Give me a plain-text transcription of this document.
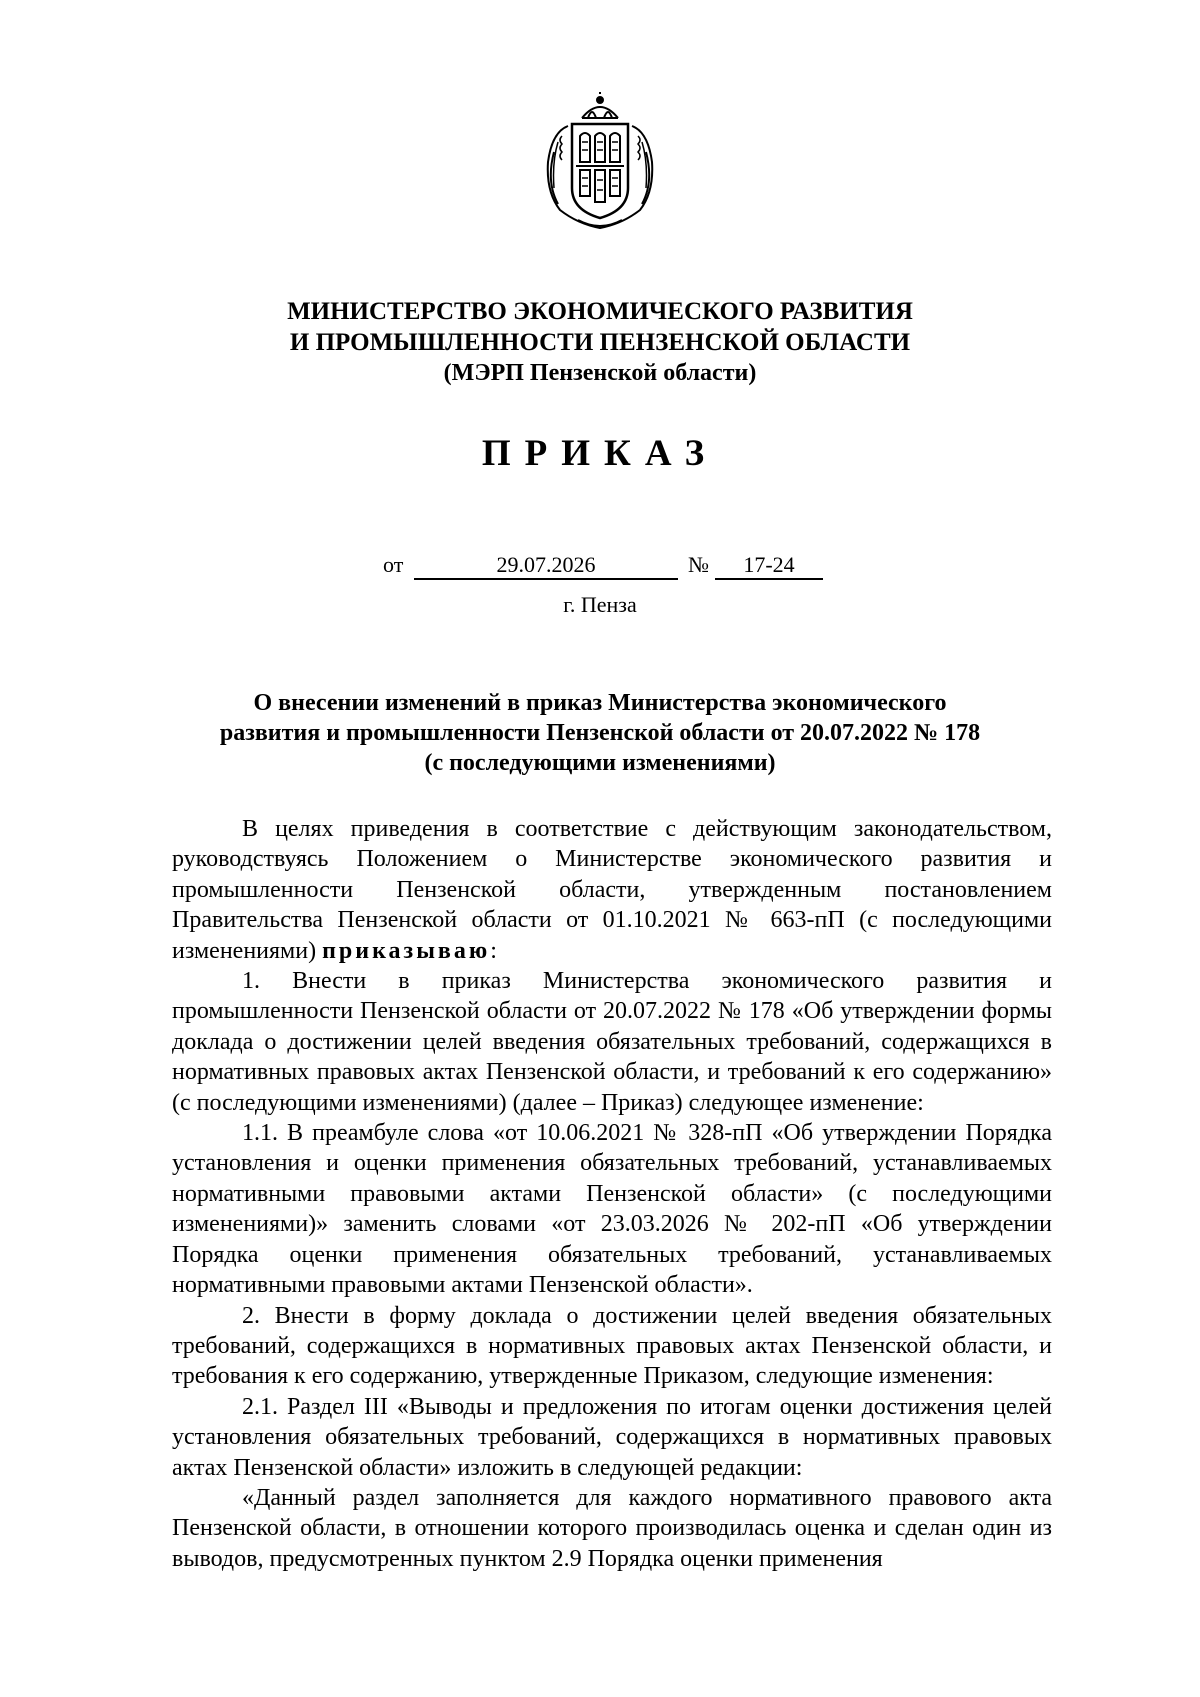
МИНИСТЕРСТВО ЭКОНОМИЧЕСКОГО РАЗВИТИЯ
И ПРОМЫШЛЕННОСТИ ПЕНЗЕНСКОЙ ОБЛАСТИ
(МЭРП Пензенской области)
ПРИКАЗ
от	29.07.2026	№	17-24
г. Пенза
О внесении изменений в приказ Министерства экономического
развития и промышленности Пензенской области от 20.07.2022 № 178
(с последующими изменениями)

В целях приведения в соответствие с действующим законодательством, руководствуясь Положением о Министерстве экономического развития и промышленности Пензенской области, утвержденным постановлением Правительства Пензенской области от 01.10.2021 № 663-пП (с последующими изменениями) приказываю:

1. Внести в приказ Министерства экономического развития и промышленности Пензенской области от 20.07.2022 № 178 «Об утверждении формы доклада о достижении целей введения обязательных требований, содержащихся в нормативных правовых актах Пензенской области, и требований к его содержанию» (с последующими изменениями) (далее – Приказ) следующее изменение:

1.1. В преамбуле слова «от 10.06.2021 № 328-пП «Об утверждении Порядка установления и оценки применения обязательных требований, устанавливаемых нормативными правовыми актами Пензенской области» (с последующими изменениями)» заменить словами «от 23.03.2026 № 202-пП «Об утверждении Порядка оценки применения обязательных требований, устанавливаемых нормативными правовыми актами Пензенской области».

2. Внести в форму доклада о достижении целей введения обязательных требований, содержащихся в нормативных правовых актах Пензенской области, и требования к его содержанию, утвержденные Приказом, следующие изменения:

2.1. Раздел III «Выводы и предложения по итогам оценки достижения целей установления обязательных требований, содержащихся в нормативных правовых актах Пензенской области» изложить в следующей редакции:

«Данный раздел заполняется для каждого нормативного правового акта Пензенской области, в отношении которого производилась оценка и сделан один из выводов, предусмотренных пунктом 2.9 Порядка оценки применения
